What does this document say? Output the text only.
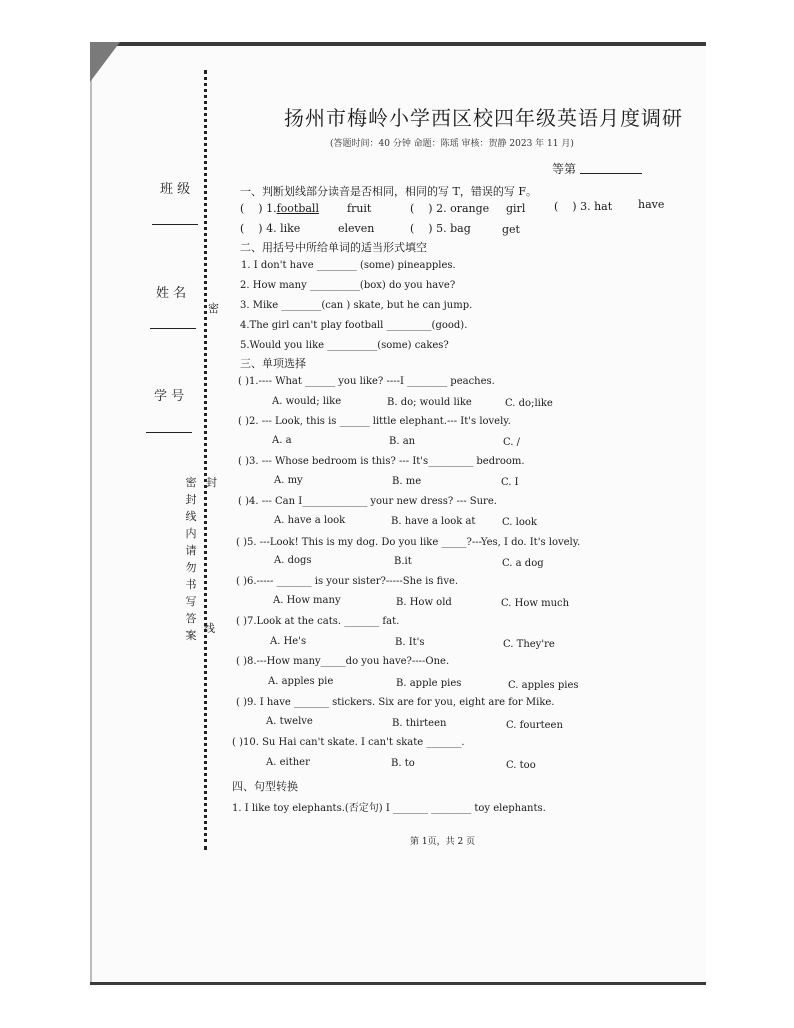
班 级
姓 名
密
学 号
封
线
密
封
线
内
请
勿
书
写
答
案
扬州市梅岭小学西区校四年级英语月度调研
(答题时间：40 分钟 命题：陈瑶 审核：贺静 2023 年 11 月)
等第
一、判断划线部分读音是否相同，相同的写 T，错误的写 F。
( ) 1.football	fruit	( ) 2. orange girl	( ) 3. hat have
( ) 4. like	eleven	( ) 5. bag	get
二、用括号中所给单词的适当形式填空
1. I don't have ________ (some) pineapples.
2. How many __________(box) do you have?
3. Mike ________(can ) skate, but he can jump.
4.The girl can't play football _________(good).
5.Would you like __________(some) cakes?
三、单项选择
( )1.---- What ______ you like? ----I ________ peaches.
A. would; like	B. do; would like	C. do;like
( )2. --- Look, this is ______ little elephant.--- It's lovely.
A. a	B. an	C. /
( )3. --- Whose bedroom is this? --- It's_________ bedroom.
A. my	B. me	C. I
( )4. --- Can I_____________ your new dress? --- Sure.
A. have a look	B. have a look at	C. look
( )5. ---Look! This is my dog. Do you like _____?---Yes, I do. It's lovely.
A. dogs	B.it	C. a dog
( )6.----- _______ is your sister?-----She is five.
A. How many	B. How old	C. How much
( )7.Look at the cats. _______ fat.
A. He's	B. It's	C. They're
( )8.---How many_____do you have?----One.
A. apples pie	B. apple pies	C. apples pies
( )9. I have _______ stickers. Six are for you, eight are for Mike.
A. twelve	B. thirteen	C. fourteen
( )10. Su Hai can't skate. I can't skate _______.
A. either	B. to	C. too
四、句型转换
1. I like toy elephants.(否定句) I _______ ________ toy elephants.
第 1页，共 2 页
